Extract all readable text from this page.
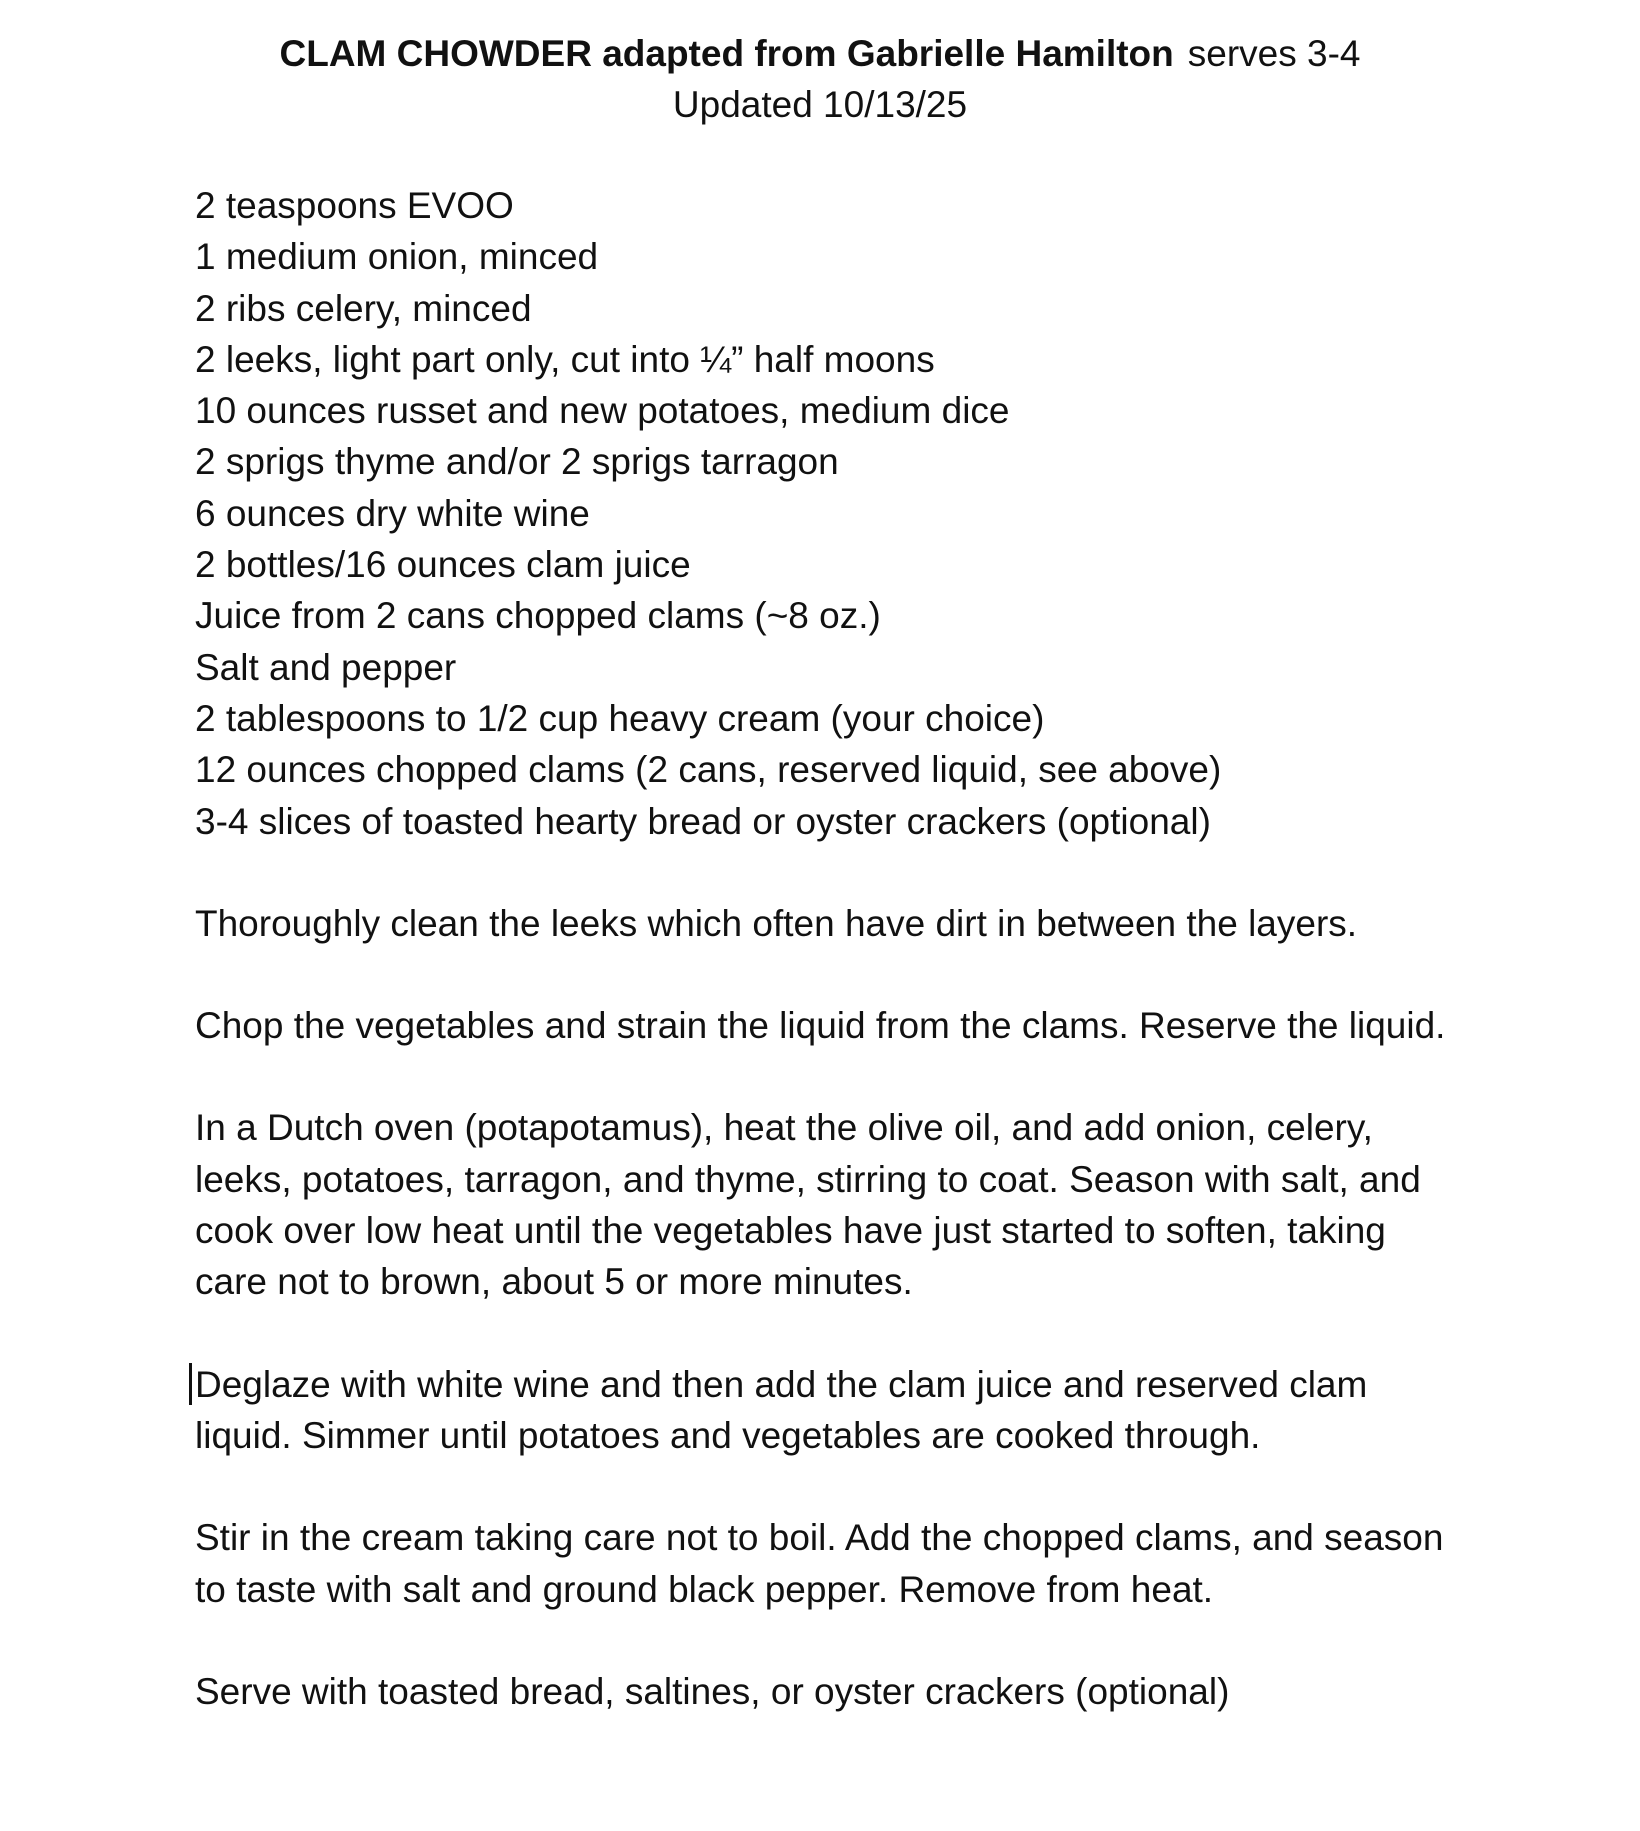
CLAM CHOWDER adapted from Gabrielle Hamilton serves 3-4
Updated 10/13/25
2 teaspoons EVOO
1 medium onion, minced
2 ribs celery, minced
2 leeks, light part only, cut into ¼” half moons
10 ounces russet and new potatoes, medium dice
2 sprigs thyme and/or 2 sprigs tarragon
6 ounces dry white wine
2 bottles/16 ounces clam juice
Juice from 2 cans chopped clams (~8 oz.)
Salt and pepper
2 tablespoons to 1/2 cup heavy cream (your choice)
12 ounces chopped clams (2 cans, reserved liquid, see above)
3-4 slices of toasted hearty bread or oyster crackers (optional)

Thoroughly clean the leeks which often have dirt in between the layers.

Chop the vegetables and strain the liquid from the clams. Reserve the liquid.

In a Dutch oven (potapotamus), heat the olive oil, and add onion, celery, leeks, potatoes, tarragon, and thyme, stirring to coat. Season with salt, and cook over low heat until the vegetables have just started to soften, taking care not to brown, about 5 or more minutes.

Deglaze with white wine and then add the clam juice and reserved clam liquid. Simmer until potatoes and vegetables are cooked through.

Stir in the cream taking care not to boil. Add the chopped clams, and season to taste with salt and ground black pepper. Remove from heat.

Serve with toasted bread, saltines, or oyster crackers (optional)
